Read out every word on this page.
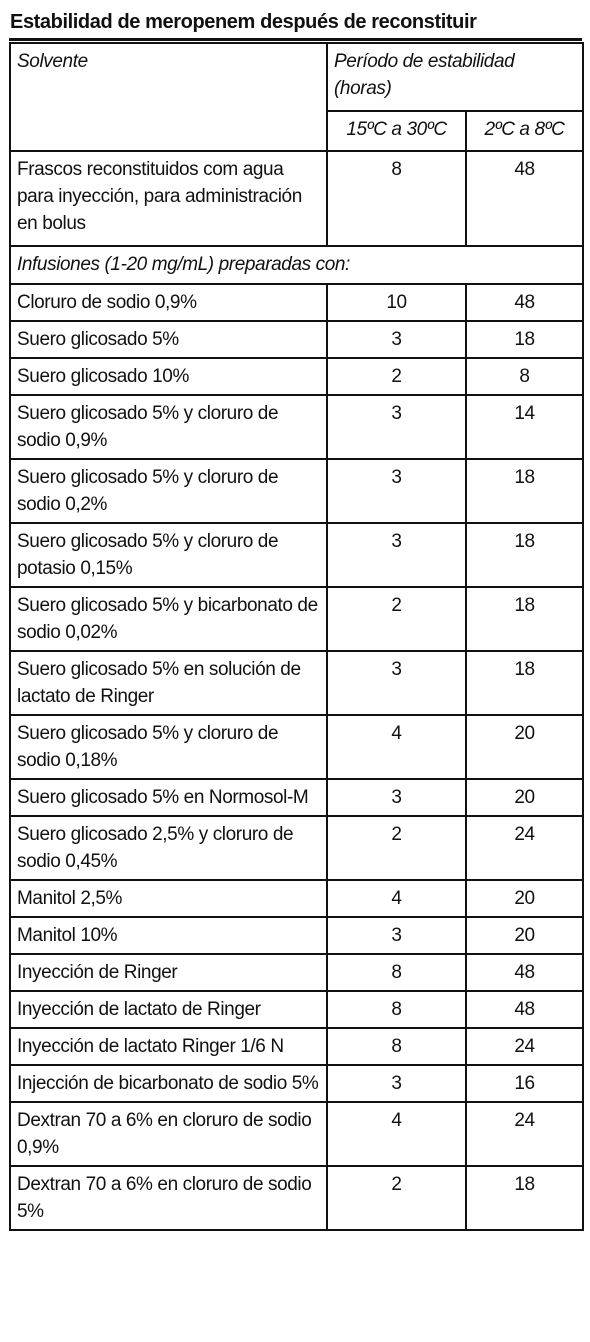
Estabilidad de meropenem después de reconstituir
Solvente	Período de estabilidad (horas)	
	15ºC a 30ºC	2ºC a 8ºC
Frascos reconstituidos com agua para inyección, para administración en bolus	8	48
Infusiones (1-20 mg/mL) preparadas con:		
Cloruro de sodio 0,9%	10	48
Suero glicosado 5%	3	18
Suero glicosado 10%	2	8
Suero glicosado 5% y cloruro de sodio 0,9%	3	14
Suero glicosado 5% y cloruro de sodio 0,2%	3	18
Suero glicosado 5% y cloruro de potasio 0,15%	3	18
Suero glicosado 5% y bicarbonato de sodio 0,02%	2	18
Suero glicosado 5% en solución de lactato de Ringer	3	18
Suero glicosado 5% y cloruro de sodio 0,18%	4	20
Suero glicosado 5% en Normosol-M	3	20
Suero glicosado 2,5% y cloruro de sodio 0,45%	2	24
Manitol 2,5%	4	20
Manitol 10%	3	20
Inyección de Ringer	8	48
Inyección de lactato de Ringer	8	48
Inyección de lactato Ringer 1/6 N	8	24
Injección de bicarbonato de sodio 5%	3	16
Dextran 70 a 6% en cloruro de sodio 0,9%	4	24
Dextran 70 a 6% en cloruro de sodio 5%	2	18
